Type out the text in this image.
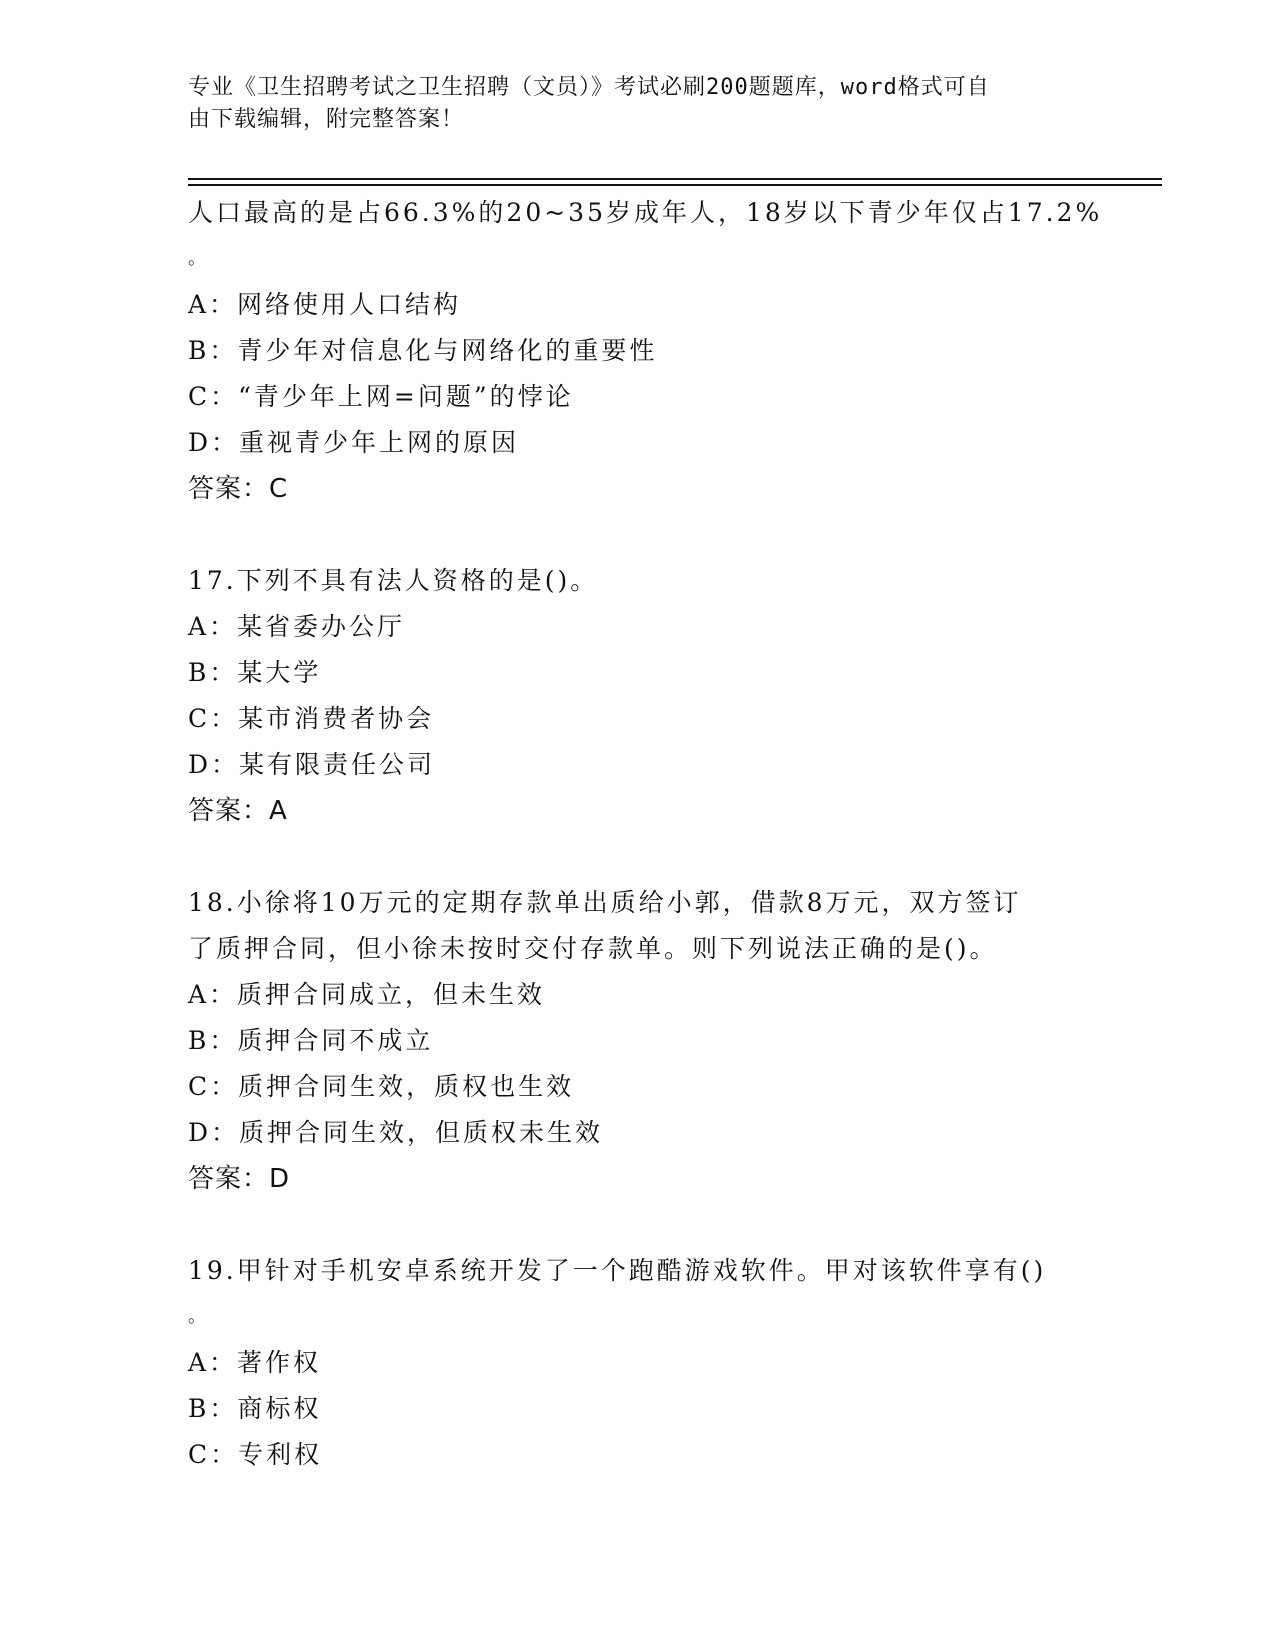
专业《卫生招聘考试之卫生招聘（文员）》考试必刷200题题库，word格式可自
由下载编辑，附完整答案！
人口最高的是占66.3%的20~35岁成年人，18岁以下青少年仅占17.2%
。
A：网络使用人口结构
B：青少年对信息化与网络化的重要性
C：“青少年上网=问题”的悖论
D：重视青少年上网的原因
答案：C
17.下列不具有法人资格的是()。
A：某省委办公厅
B：某大学
C：某市消费者协会
D：某有限责任公司
答案：A
18.小徐将10万元的定期存款单出质给小郭，借款8万元，双方签订
了质押合同，但小徐未按时交付存款单。则下列说法正确的是()。
A：质押合同成立，但未生效
B：质押合同不成立
C：质押合同生效，质权也生效
D：质押合同生效，但质权未生效
答案：D
19.甲针对手机安卓系统开发了一个跑酷游戏软件。甲对该软件享有()
。
A：著作权
B：商标权
C：专利权
